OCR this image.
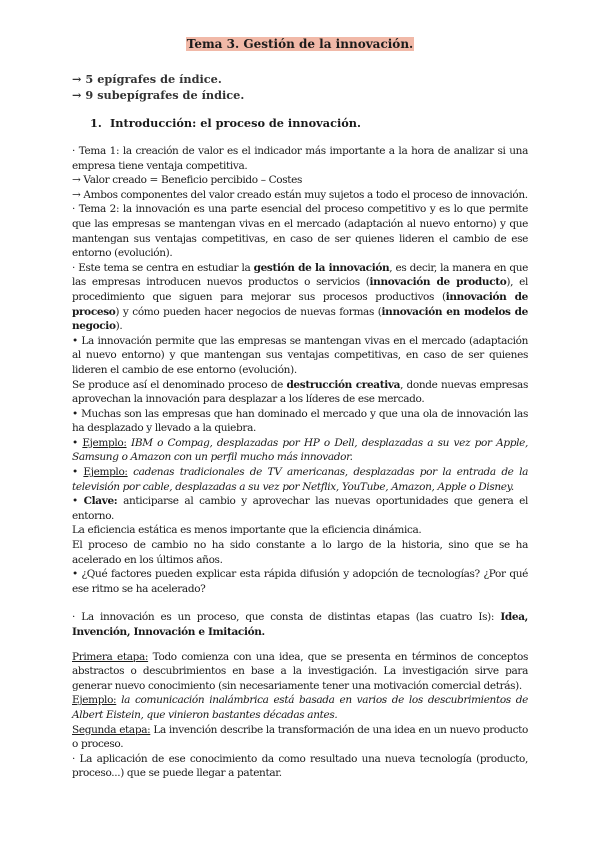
Tema 3. Gestión de la innovación.
→ 5 epígrafes de índice.
→ 9 subepígrafes de índice.
1. Introducción: el proceso de innovación.

· Tema 1: la creación de valor es el indicador más importante a la hora de analizar si una empresa tiene ventaja competitiva.

→ Valor creado = Beneficio percibido – Costes

→ Ambos componentes del valor creado están muy sujetos a todo el proceso de innovación.

· Tema 2: la innovación es una parte esencial del proceso competitivo y es lo que permite que las empresas se mantengan vivas en el mercado (adaptación al nuevo entorno) y que mantengan sus ventajas competitivas, en caso de ser quienes lideren el cambio de ese entorno (evolución).

· Este tema se centra en estudiar la gestión de la innovación, es decir, la manera en que las empresas introducen nuevos productos o servicios (innovación de producto), el procedimiento que siguen para mejorar sus procesos productivos (innovación de proceso) y cómo pueden hacer negocios de nuevas formas (innovación en modelos de negocio).

• La innovación permite que las empresas se mantengan vivas en el mercado (adaptación al nuevo entorno) y que mantengan sus ventajas competitivas, en caso de ser quienes lideren el cambio de ese entorno (evolución).

Se produce así el denominado proceso de destrucción creativa, donde nuevas empresas aprovechan la innovación para desplazar a los líderes de ese mercado.

• Muchas son las empresas que han dominado el mercado y que una ola de innovación las ha desplazado y llevado a la quiebra.

• Ejemplo: IBM o Compag, desplazadas por HP o Dell, desplazadas a su vez por Apple, Samsung o Amazon con un perfil mucho más innovador.

• Ejemplo: cadenas tradicionales de TV americanas, desplazadas por la entrada de la televisión por cable, desplazadas a su vez por Netflix, YouTube, Amazon, Apple o Disney.

• Clave: anticiparse al cambio y aprovechar las nuevas oportunidades que genera el entorno.

La eficiencia estática es menos importante que la eficiencia dinámica.

El proceso de cambio no ha sido constante a lo largo de la historia, sino que se ha acelerado en los últimos años.

• ¿Qué factores pueden explicar esta rápida difusión y adopción de tecnologías? ¿Por qué ese ritmo se ha acelerado?

· La innovación es un proceso, que consta de distintas etapas (las cuatro Is): Idea, Invención, Innovación e Imitación.

Primera etapa: Todo comienza con una idea, que se presenta en términos de conceptos abstractos o descubrimientos en base a la investigación. La investigación sirve para generar nuevo conocimiento (sin necesariamente tener una motivación comercial detrás).

Ejemplo: la comunicación inalámbrica está basada en varios de los descubrimientos de Albert Eistein, que vinieron bastantes décadas antes.

Segunda etapa: La invención describe la transformación de una idea en un nuevo producto o proceso.

· La aplicación de ese conocimiento da como resultado una nueva tecnología (producto, proceso...) que se puede llegar a patentar.
